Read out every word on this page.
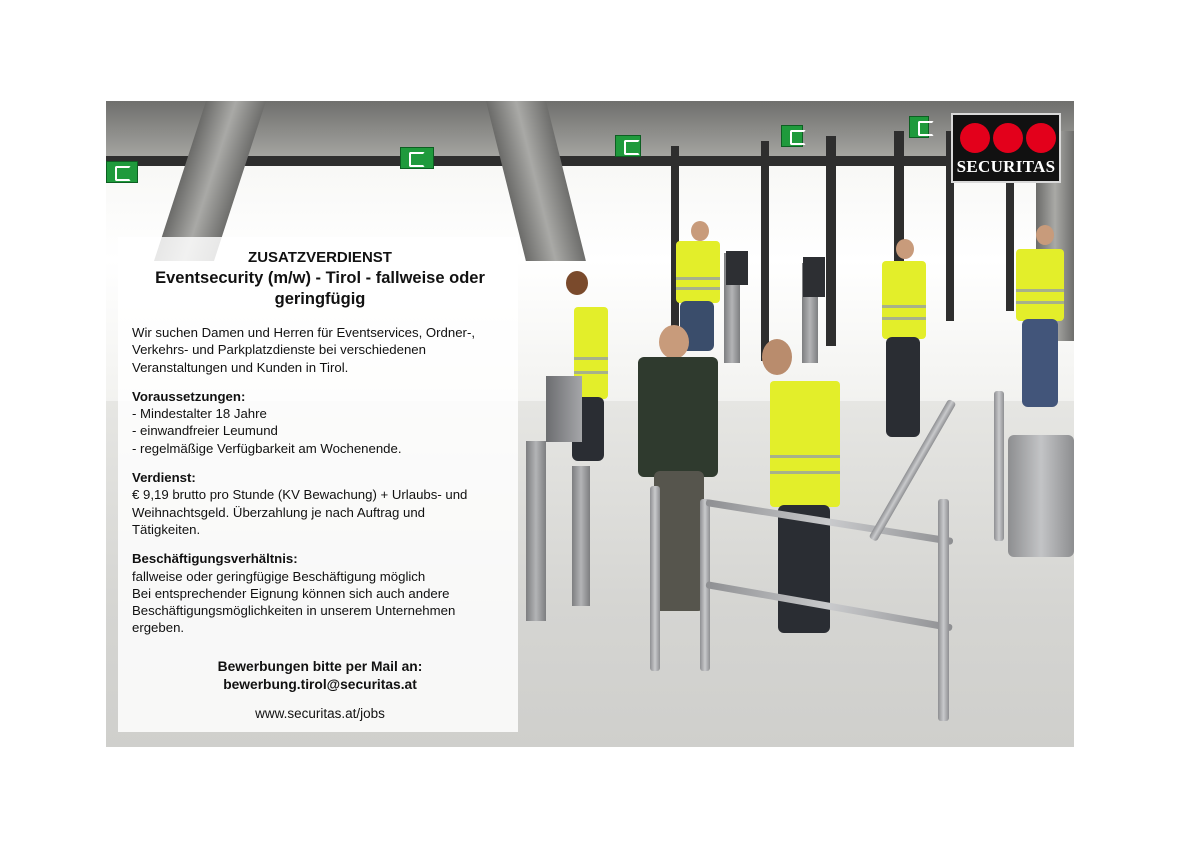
SECURITAS
ZUSATZVERDIENST
Eventsecurity (m/w) - Tirol - fallweise oder
geringfügig

Wir suchen Damen und Herren für Eventservices, Ordner-,
Verkehrs- und Parkplatzdienste bei verschiedenen
Veranstaltungen und Kunden in Tirol.

Voraussetzungen:
- Mindestalter 18 Jahre
- einwandfreier Leumund
- regelmäßige Verfügbarkeit am Wochenende.

Verdienst:
€ 9,19 brutto pro Stunde (KV Bewachung) + Urlaubs- und
Weihnachtsgeld. Überzahlung je nach Auftrag und
Tätigkeiten.

Beschäftigungsverhältnis:
fallweise oder geringfügige Beschäftigung möglich
Bei entsprechender Eignung können sich auch andere
Beschäftigungsmöglichkeiten in unserem Unternehmen
ergeben.

Bewerbungen bitte per Mail an:
bewerbung.tirol@securitas.at
www.securitas.at/jobs
